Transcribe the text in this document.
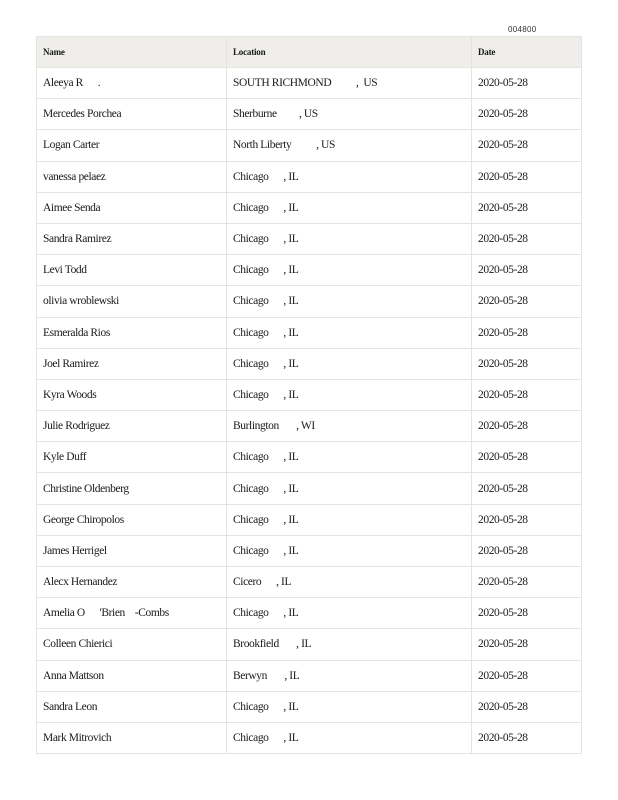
004800
Name	Location	Date
Aleeya R      .	SOUTH RICHMOND          ,  US	2020-05-28
Mercedes Porchea	Sherburne         , US	2020-05-28
Logan Carter	North Liberty          , US	2020-05-28
vanessa pelaez	Chicago      , IL	2020-05-28
Aimee Senda	Chicago      , IL	2020-05-28
Sandra Ramirez	Chicago      , IL	2020-05-28
Levi Todd	Chicago      , IL	2020-05-28
olivia wroblewski	Chicago      , IL	2020-05-28
Esmeralda Rios	Chicago      , IL	2020-05-28
Joel Ramirez	Chicago      , IL	2020-05-28
Kyra Woods	Chicago      , IL	2020-05-28
Julie Rodriguez	Burlington       , WI	2020-05-28
Kyle Duff	Chicago      , IL	2020-05-28
Christine Oldenberg	Chicago      , IL	2020-05-28
George Chiropolos	Chicago      , IL	2020-05-28
James Herrigel	Chicago      , IL	2020-05-28
Alecx Hernandez	Cicero      , IL	2020-05-28
Amelia O      'Brien    -Combs	Chicago      , IL	2020-05-28
Colleen Chierici	Brookfield       , IL	2020-05-28
Anna Mattson	Berwyn       , IL	2020-05-28
Sandra Leon	Chicago      , IL	2020-05-28
Mark Mitrovich	Chicago      , IL	2020-05-28
